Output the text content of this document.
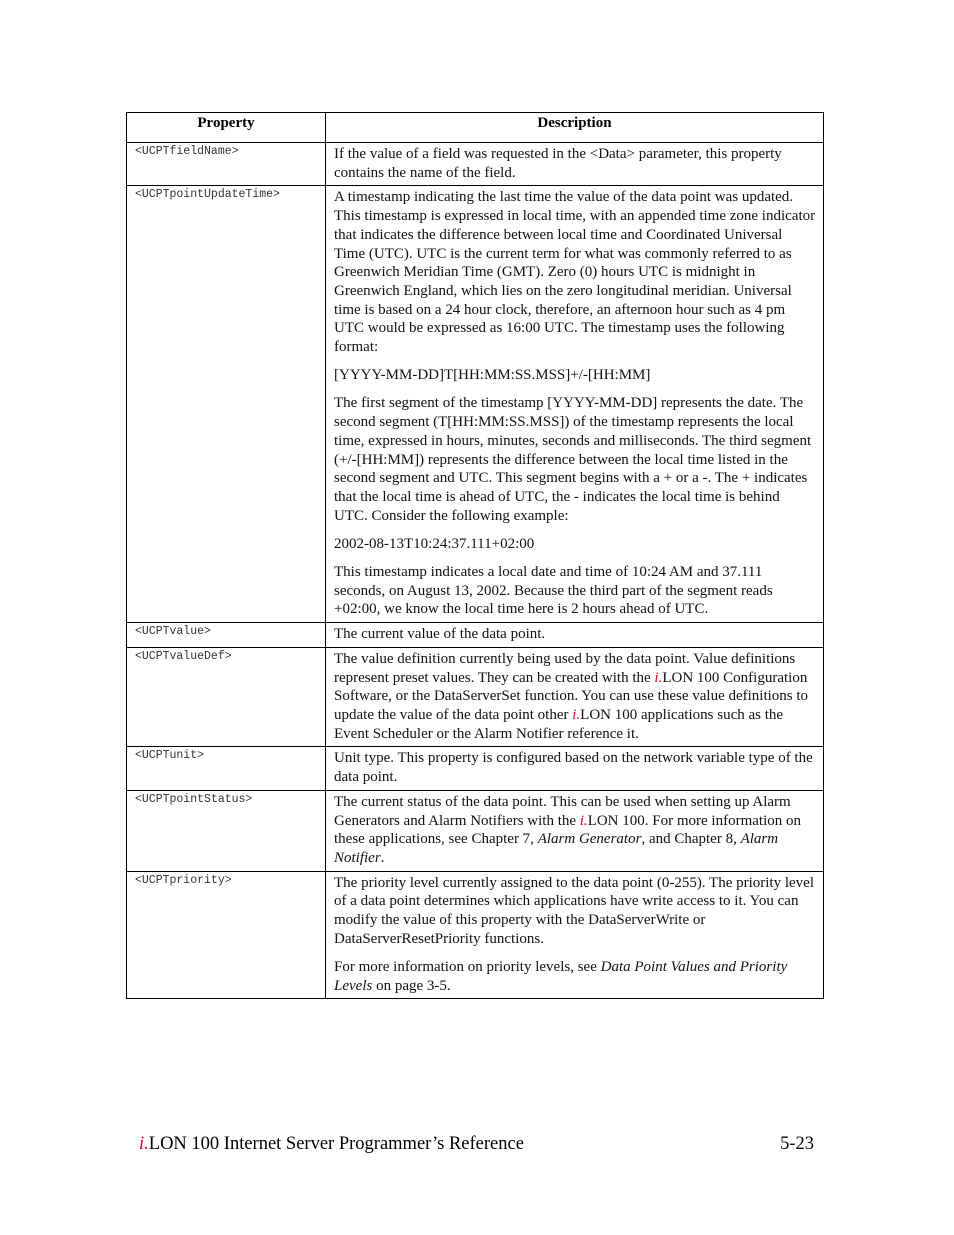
Property	Description
<UCPTfieldName>	If the value of a field was requested in the <Data> parameter, this property contains the name of the field.

<UCPTpointUpdateTime>	A timestamp indicating the last time the value of the data point was updated. This timestamp is expressed in local time, with an appended time zone indicator that indicates the difference between local time and Coordinated Universal Time (UTC). UTC is the current term for what was commonly referred to as Greenwich Meridian Time (GMT). Zero (0) hours UTC is midnight in Greenwich England, which lies on the zero longitudinal meridian. Universal time is based on a 24 hour clock, therefore, an afternoon hour such as 4 pm UTC would be expressed as 16:00 UTC. The timestamp uses the following format:

[YYYY-MM-DD]T[HH:MM:SS.MSS]+/-[HH:MM]

The first segment of the timestamp [YYYY-MM-DD] represents the date. The second segment (T[HH:MM:SS.MSS]) of the timestamp represents the local time, expressed in hours, minutes, seconds and milliseconds. The third segment (+/-[HH:MM]) represents the difference between the local time listed in the second segment and UTC. This segment begins with a + or a -. The + indicates that the local time is ahead of UTC, the - indicates the local time is behind UTC. Consider the following example:

2002-08-13T10:24:37.111+02:00

This timestamp indicates a local date and time of 10:24 AM and 37.111 seconds, on August 13, 2002. Because the third part of the segment reads +02:00, we know the local time here is 2 hours ahead of UTC.

<UCPTvalue>	The current value of the data point.

<UCPTvalueDef>	The value definition currently being used by the data point. Value definitions represent preset values. They can be created with the i.LON 100 Configuration Software, or the DataServerSet function. You can use these value definitions to update the value of the data point other i.LON 100 applications such as the Event Scheduler or the Alarm Notifier reference it.

<UCPTunit>	Unit type. This property is configured based on the network variable type of the data point.

<UCPTpointStatus>	The current status of the data point. This can be used when setting up Alarm Generators and Alarm Notifiers with the i.LON 100. For more information on these applications, see Chapter 7, Alarm Generator, and Chapter 8, Alarm Notifier.

<UCPTpriority>	The priority level currently assigned to the data point (0-255). The priority level of a data point determines which applications have write access to it. You can modify the value of this property with the DataServerWrite or DataServerResetPriority functions.

For more information on priority levels, see Data Point Values and Priority Levels on page 3-5.

i.LON 100 Internet Server Programmer’s Reference	5-23
